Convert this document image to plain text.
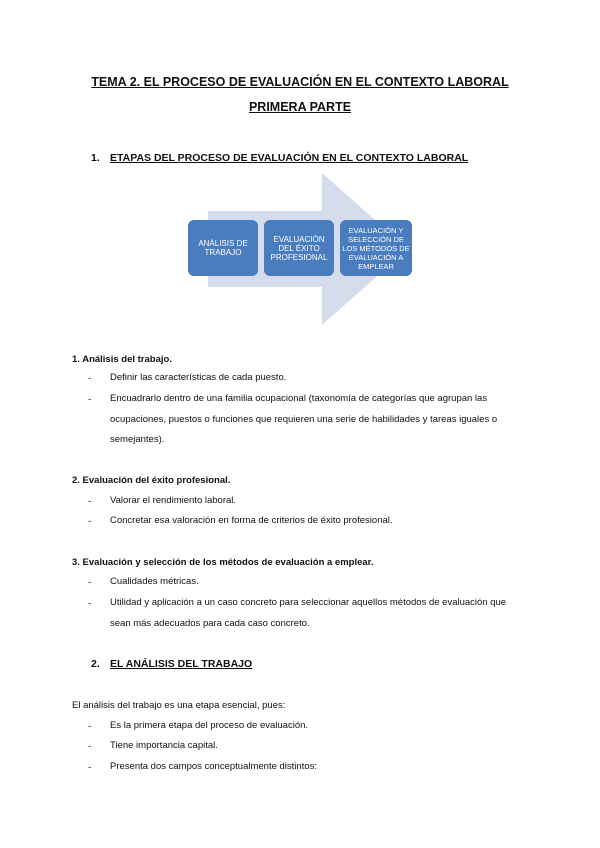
TEMA 2. EL PROCESO DE EVALUACIÓN EN EL CONTEXTO LABORAL
PRIMERA PARTE
1. ETAPAS DEL PROCESO DE EVALUACIÓN EN EL CONTEXTO LABORAL
ANÁLISIS DE TRABAJO
EVALUACIÓN DEL ÉXITO PROFESIONAL
EVALUACIÓN Y SELECCIÓN DE LOS MÉTODOS DE EVALUACIÓN A EMPLEAR
1. Análisis del trabajo.
- Definir las características de cada puesto.
- Encuadrarlo dentro de una familia ocupacional (taxonomía de categorías que agrupan las ocupaciones, puestos o funciones que requieren una serie de habilidades y tareas iguales o semejantes).
2. Evaluación del éxito profesional.
- Valorar el rendimiento laboral.
- Concretar esa valoración en forma de criterios de éxito profesional.
3. Evaluación y selección de los métodos de evaluación a emplear.
- Cualidades métricas.
- Utilidad y aplicación a un caso concreto para seleccionar aquellos métodos de evaluación que sean más adecuados para cada caso concreto.
2. EL ANÁLISIS DEL TRABAJO
El análisis del trabajo es una etapa esencial, pues:
- Es la primera etapa del proceso de evaluación.
- Tiene importancia capital.
- Presenta dos campos conceptualmente distintos:
